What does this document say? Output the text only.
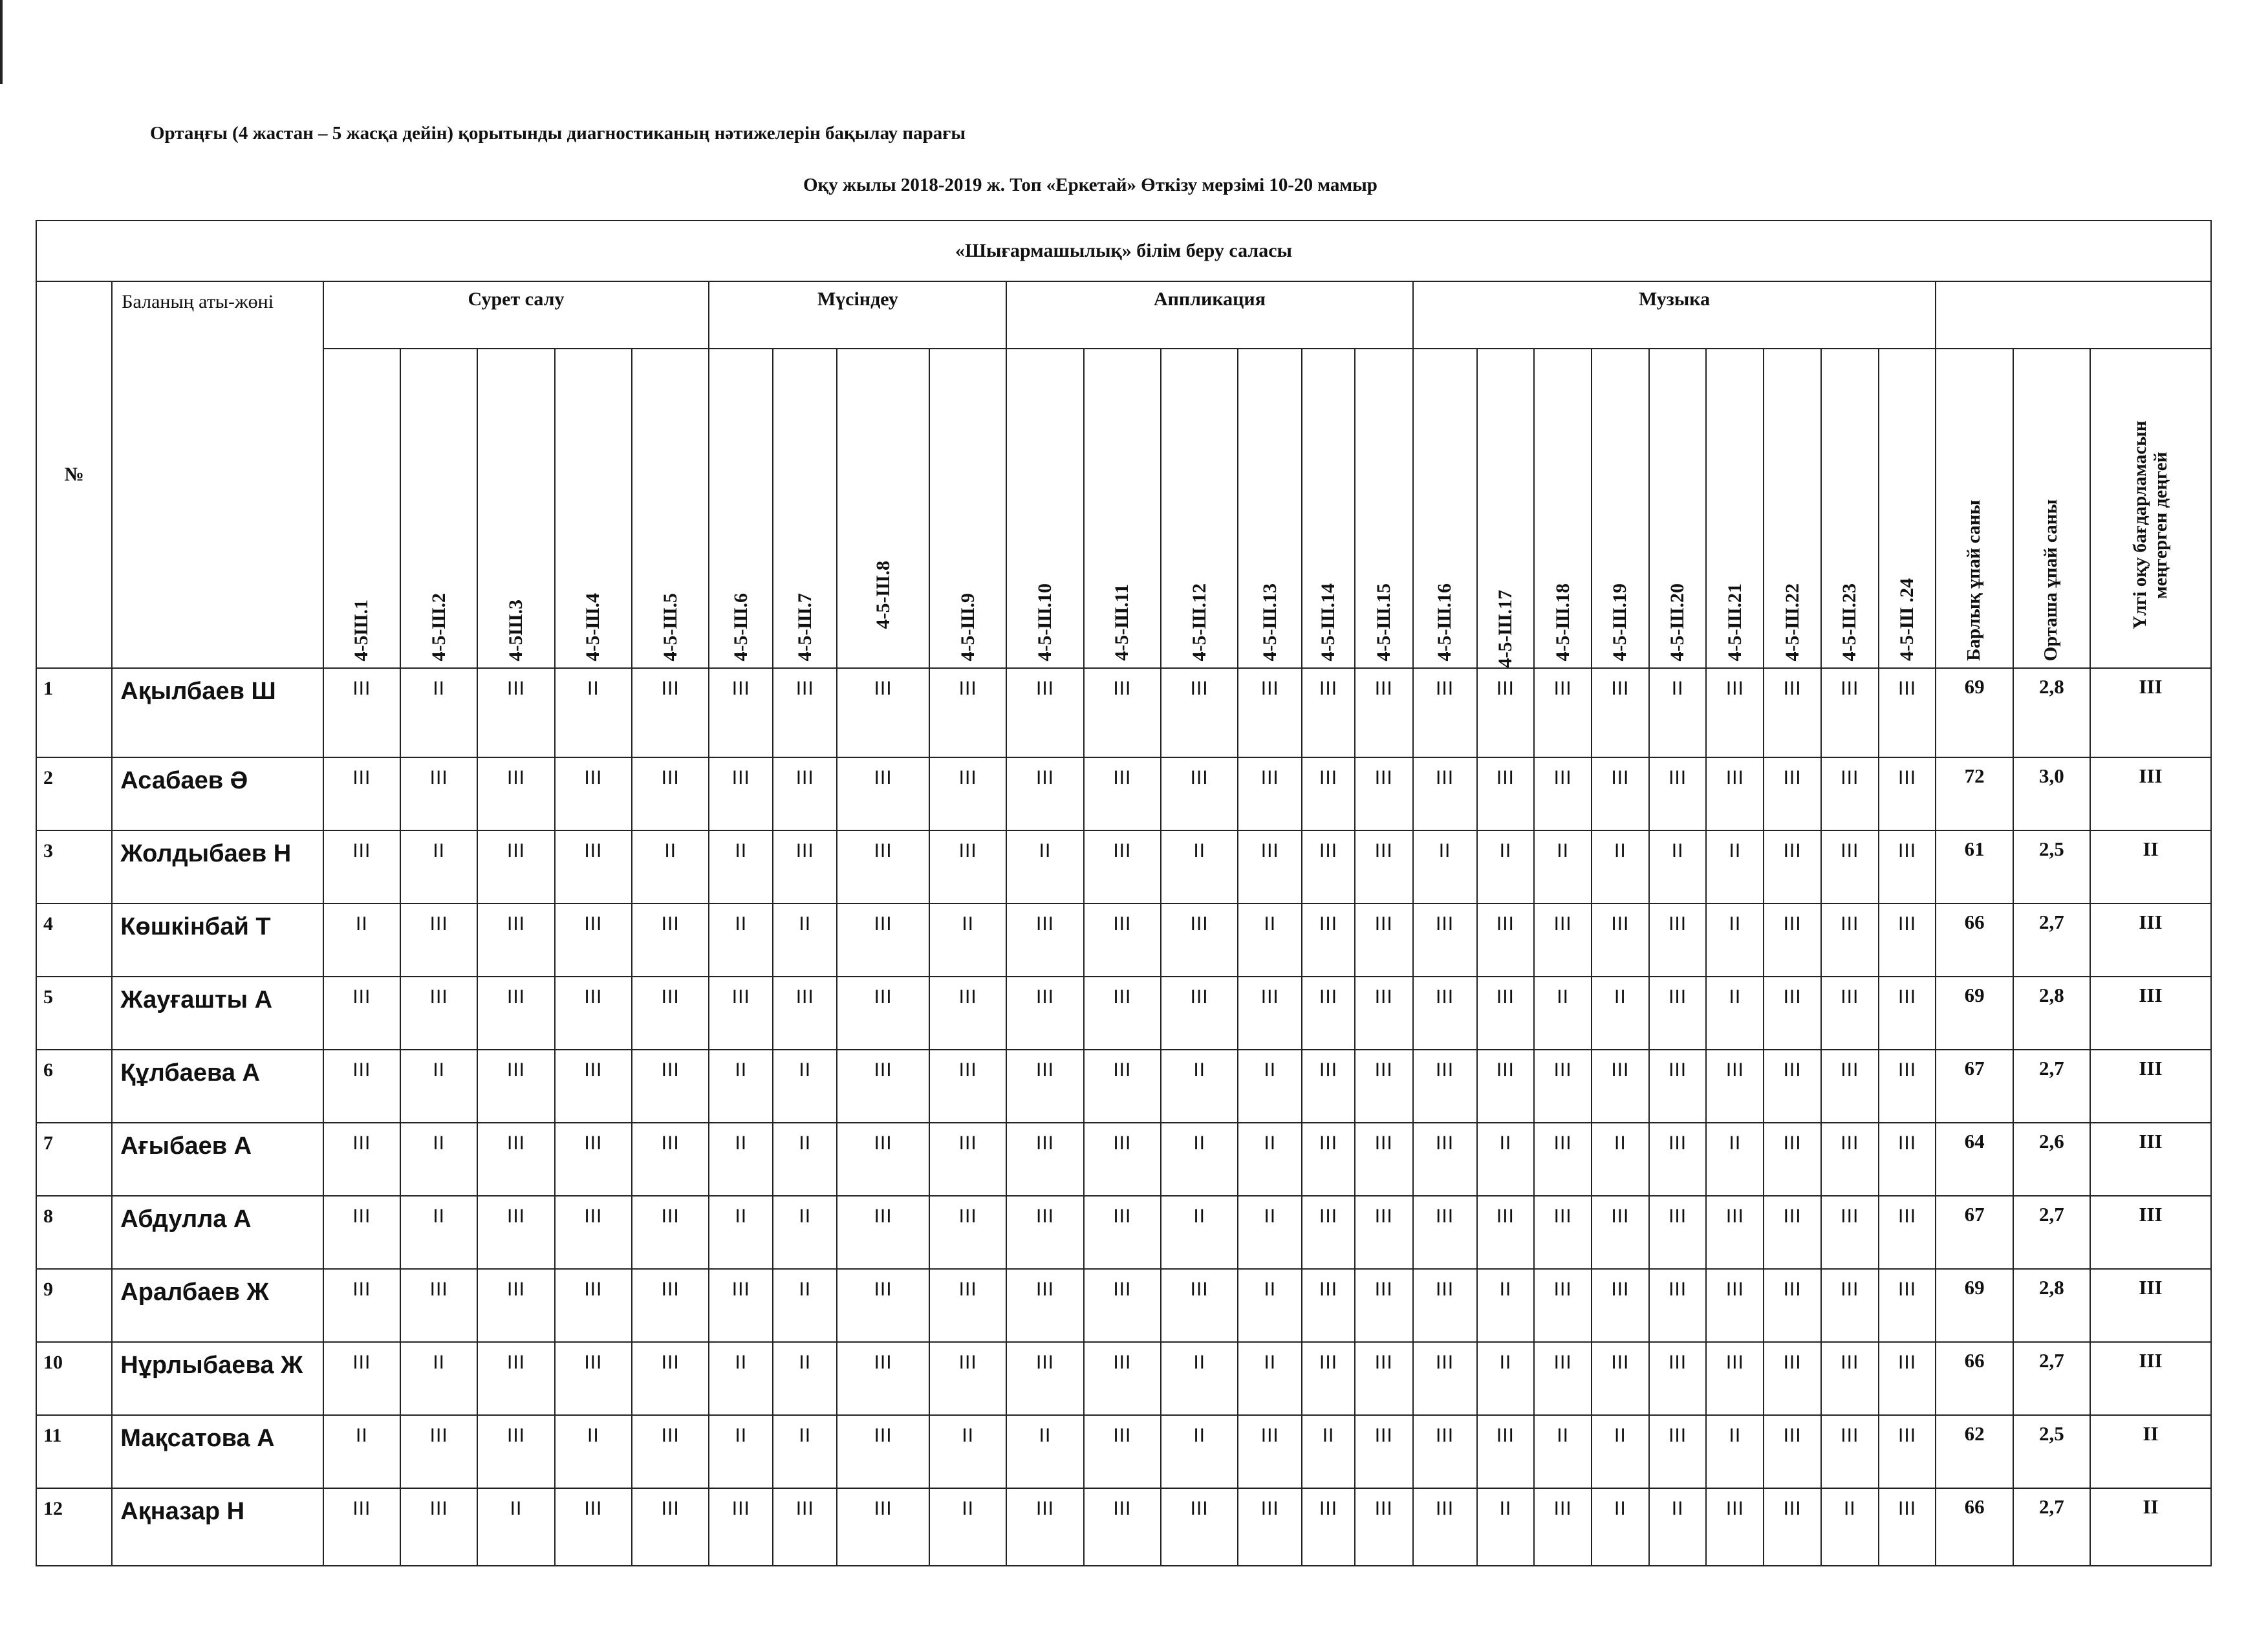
Ортаңғы (4 жастан – 5 жасқа дейін) қорытынды диагностиканың нәтижелерін бақылау парағы
Оқу жылы 2018-2019 ж. Топ «Еркетай» Өткізу мерзімі 10-20 мамыр
«Шығармашылық» білім беру саласы																												
№	Баланың аты-жөні	Сурет салу					Мүсіндеу				Аппликация						Музыка											

		4-5Ш.1	4-5-Ш.2	4-5Ш.3	4-5-Ш.4	4-5-Ш.5	4-5-Ш.6	4-5-Ш.7	4-5-Ш.8	4-5-Ш.9	4-5-Ш.10	4-5-Ш.11	4-5-Ш.12	4-5-Ш.13	4-5-Ш.14	4-5-Ш.15	4-5-Ш.16	4-5-Ш.17	4-5-Ш.18	4-5-Ш.19	4-5-Ш.20	4-5-Ш.21	4-5-Ш.22	4-5-Ш.23	4-5-Ш .24	Барлық ұпай саны	Орташа ұпай саны	Үлгі оқу бағдарламасын меңгерген деңгей

1	Ақылбаев Ш	III	II	III	II	III	III	III	III	III	III	III	III	III	III	III	III	III	III	III	II	III	III	III	III	69	2,8	III
2	Асабаев Ә	III	III	III	III	III	III	III	III	III	III	III	III	III	III	III	III	III	III	III	III	III	III	III	III	72	3,0	III
3	Жолдыбаев Н	III	II	III	III	II	II	III	III	III	II	III	II	III	III	III	II	II	II	II	II	II	III	III	III	61	2,5	II
4	Көшкінбай Т	II	III	III	III	III	II	II	III	II	III	III	III	II	III	III	III	III	III	III	III	II	III	III	III	66	2,7	III
5	Жауғашты А	III	III	III	III	III	III	III	III	III	III	III	III	III	III	III	III	III	II	II	III	II	III	III	III	69	2,8	III
6	Құлбаева А	III	II	III	III	III	II	II	III	III	III	III	II	II	III	III	III	III	III	III	III	III	III	III	III	67	2,7	III
7	Ағыбаев А	III	II	III	III	III	II	II	III	III	III	III	II	II	III	III	III	II	III	II	III	II	III	III	III	64	2,6	III
8	Абдулла А	III	II	III	III	III	II	II	III	III	III	III	II	II	III	III	III	III	III	III	III	III	III	III	III	67	2,7	III
9	Аралбаев Ж	III	III	III	III	III	III	II	III	III	III	III	III	II	III	III	III	II	III	III	III	III	III	III	III	69	2,8	III
10	Нұрлыбаева Ж	III	II	III	III	III	II	II	III	III	III	III	II	II	III	III	III	II	III	III	III	III	III	III	III	66	2,7	III
11	Мақсатова А	II	III	III	II	III	II	II	III	II	II	III	II	III	II	III	III	III	II	II	III	II	III	III	III	62	2,5	II
12	Ақназар Н	III	III	II	III	III	III	III	III	II	III	III	III	III	III	III	III	II	III	II	II	III	III	II	III	66	2,7	II
